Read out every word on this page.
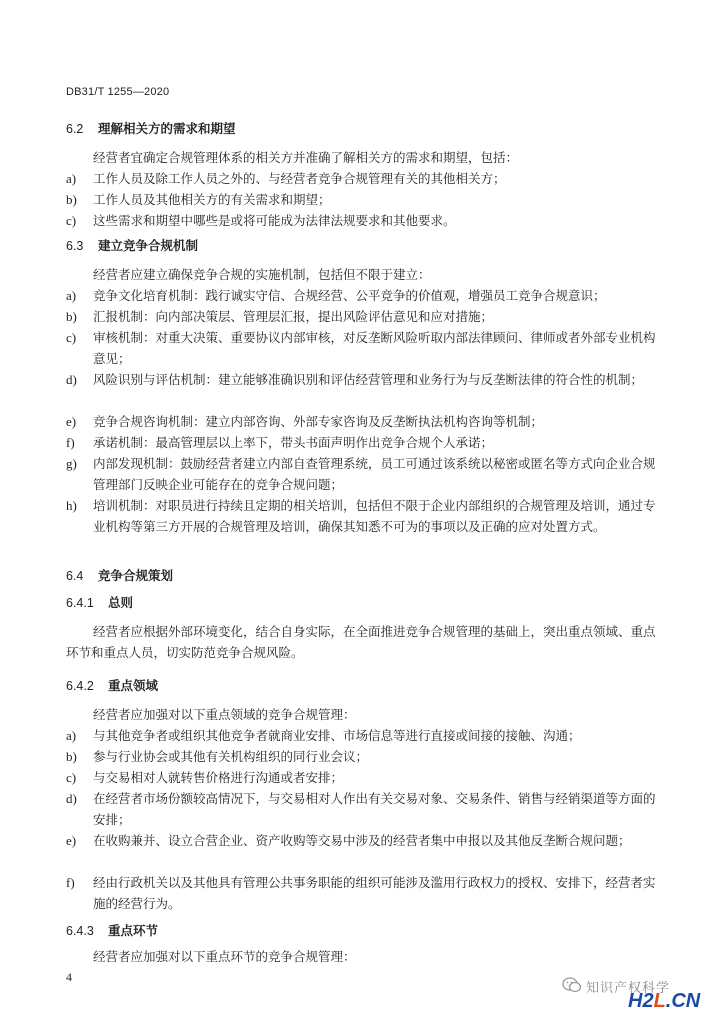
DB31/T 1255—2020
6.2 理解相关方的需求和期望
经营者宜确定合规管理体系的相关方并准确了解相关方的需求和期望，包括：
a) 工作人员及除工作人员之外的、与经营者竞争合规管理有关的其他相关方；
b) 工作人员及其他相关方的有关需求和期望；
c) 这些需求和期望中哪些是或将可能成为法律法规要求和其他要求。
6.3 建立竞争合规机制
经营者应建立确保竞争合规的实施机制，包括但不限于建立：
a) 竞争文化培育机制：践行诚实守信、合规经营、公平竞争的价值观，增强员工竞争合规意识；
b) 汇报机制：向内部决策层、管理层汇报，提出风险评估意见和应对措施；
c) 审核机制：对重大决策、重要协议内部审核，对反垄断风险听取内部法律顾问、律师或者外部专业机构意见；
d) 风险识别与评估机制：建立能够准确识别和评估经营管理和业务行为与反垄断法律的符合性的机制；
e) 竞争合规咨询机制：建立内部咨询、外部专家咨询及反垄断执法机构咨询等机制；
f) 承诺机制：最高管理层以上率下，带头书面声明作出竞争合规个人承诺；
g) 内部发现机制：鼓励经营者建立内部自查管理系统，员工可通过该系统以秘密或匿名等方式向企业合规管理部门反映企业可能存在的竞争合规问题；
h) 培训机制：对职员进行持续且定期的相关培训，包括但不限于企业内部组织的合规管理及培训，通过专业机构等第三方开展的合规管理及培训，确保其知悉不可为的事项以及正确的应对处置方式。
6.4 竞争合规策划
6.4.1 总则
经营者应根据外部环境变化，结合自身实际，在全面推进竞争合规管理的基础上，突出重点领域、重点环节和重点人员，切实防范竞争合规风险。
6.4.2 重点领域
经营者应加强对以下重点领域的竞争合规管理：
a) 与其他竞争者或组织其他竞争者就商业安排、市场信息等进行直接或间接的接触、沟通；
b) 参与行业协会或其他有关机构组织的同行业会议；
c) 与交易相对人就转售价格进行沟通或者安排；
d) 在经营者市场份额较高情况下，与交易相对人作出有关交易对象、交易条件、销售与经销渠道等方面的安排；
e) 在收购兼并、设立合营企业、资产收购等交易中涉及的经营者集中申报以及其他反垄断合规问题；
f) 经由行政机关以及其他具有管理公共事务职能的组织可能涉及滥用行政权力的授权、安排下，经营者实施的经营行为。
6.4.3 重点环节
经营者应加强对以下重点环节的竞争合规管理：
4
知识产权科学
H2L.CN
